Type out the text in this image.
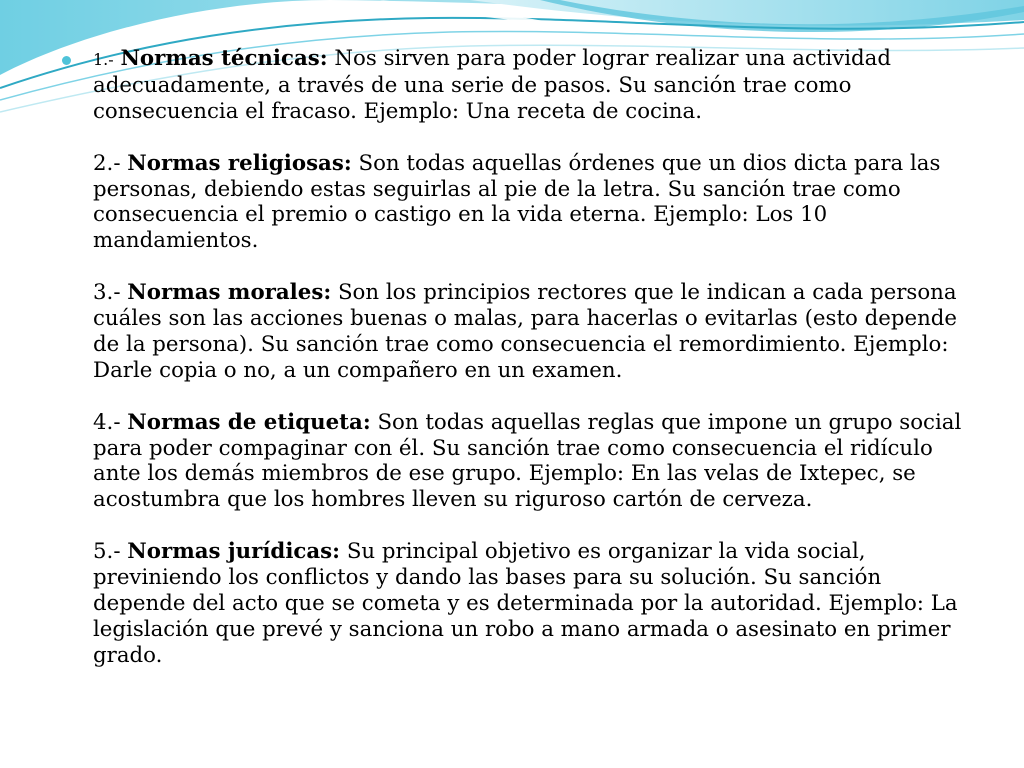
1.- Normas técnicas: Nos sirven para poder lograr realizar una actividad adecuadamente, a través de una serie de pasos. Su sanción trae como consecuencia el fracaso. Ejemplo: Una receta de cocina.

2.- Normas religiosas: Son todas aquellas órdenes que un dios dicta para las personas, debiendo estas seguirlas al pie de la letra. Su sanción trae como consecuencia el premio o castigo en la vida eterna. Ejemplo: Los 10 mandamientos.

3.- Normas morales: Son los principios rectores que le indican a cada persona cuáles son las acciones buenas o malas, para hacerlas o evitarlas (esto depende de la persona). Su sanción trae como consecuencia el remordimiento. Ejemplo: Darle copia o no, a un compañero en un examen.

4.- Normas de etiqueta: Son todas aquellas reglas que impone un grupo social para poder compaginar con él. Su sanción trae como consecuencia el ridículo ante los demás miembros de ese grupo. Ejemplo: En las velas de Ixtepec, se acostumbra que los hombres lleven su riguroso cartón de cerveza.

5.- Normas jurídicas: Su principal objetivo es organizar la vida social, previniendo los conflictos y dando las bases para su solución. Su sanción depende del acto que se cometa y es determinada por la autoridad. Ejemplo: La legislación que prevé y sanciona un robo a mano armada o asesinato en primer grado.
